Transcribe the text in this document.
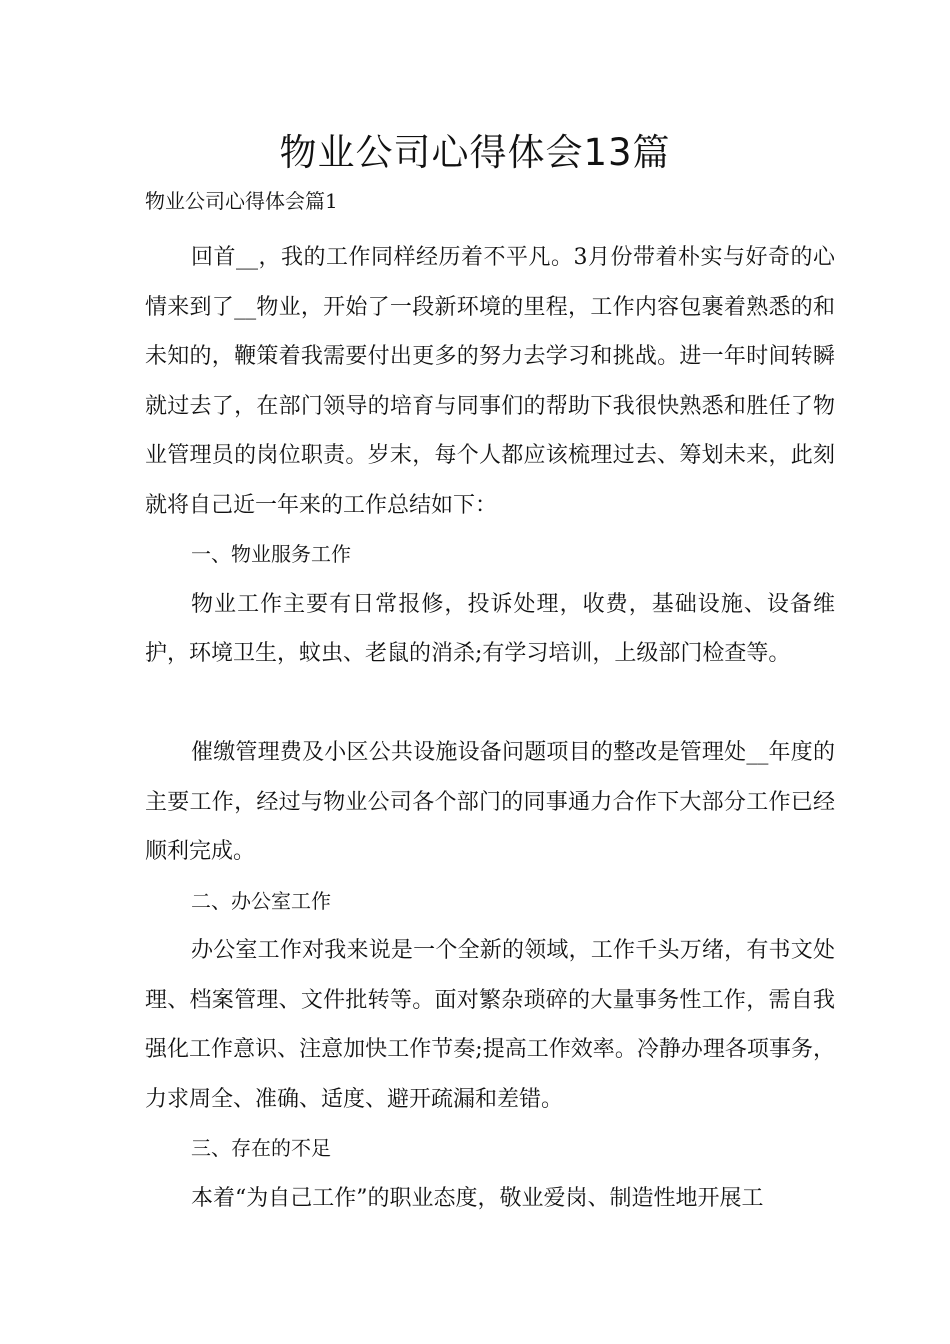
物业公司心得体会13篇

物业公司心得体会篇1

回首__，我的工作同样经历着不平凡。3月份带着朴实与好奇的心情来到了__物业，开始了一段新环境的里程，工作内容包裹着熟悉的和未知的，鞭策着我需要付出更多的努力去学习和挑战。进一年时间转瞬就过去了，在部门领导的培育与同事们的帮助下我很快熟悉和胜任了物业管理员的岗位职责。岁末，每个人都应该梳理过去、筹划未来，此刻就将自己近一年来的工作总结如下：

一、物业服务工作

物业工作主要有日常报修，投诉处理，收费，基础设施、设备维护，环境卫生，蚊虫、老鼠的消杀;有学习培训，上级部门检查等。

催缴管理费及小区公共设施设备问题项目的整改是管理处__年度的主要工作，经过与物业公司各个部门的同事通力合作下大部分工作已经顺利完成。

二、办公室工作

办公室工作对我来说是一个全新的领域，工作千头万绪，有书文处理、档案管理、文件批转等。面对繁杂琐碎的大量事务性工作，需自我强化工作意识、注意加快工作节奏;提高工作效率。冷静办理各项事务，力求周全、准确、适度、避开疏漏和差错。

三、存在的不足

本着“为自己工作”的职业态度，敬业爱岗、制造性地开展工
